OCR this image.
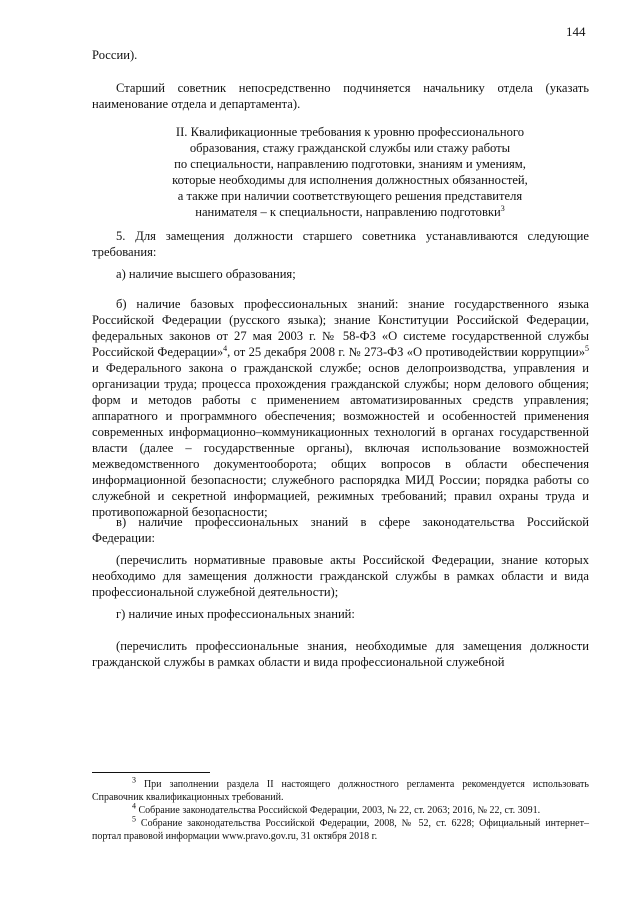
144
России).
Старший советник непосредственно подчиняется начальнику отдела (указать наименование отдела и департамента).
II. Квалификационные требования к уровню профессионального
образования, стажу гражданской службы или стажу работы
по специальности, направлению подготовки, знаниям и умениям,
которые необходимы для исполнения должностных обязанностей,
а также при наличии соответствующего решения представителя
нанимателя – к специальности, направлению подготовки$^3$
5. Для замещения должности старшего советника устанавливаются следующие требования:
а) наличие высшего образования;
б) наличие базовых профессиональных знаний: знание государственного языка Российской Федерации (русского языка); знание Конституции Российской Федерации, федеральных законов от 27 мая 2003 г. № 58-ФЗ «О системе государственной службы Российской Федерации»$^4$, от 25 декабря 2008 г. № 273-ФЗ «О противодействии коррупции»$^5$ и Федерального закона о гражданской службе; основ делопроизводства, управления и организации труда; процесса прохождения гражданской службы; норм делового общения; форм и методов работы с применением автоматизированных средств управления; аппаратного и программного обеспечения; возможностей и особенностей применения современных информационно–коммуникационных технологий в органах государственной власти (далее – государственные органы), включая использование возможностей межведомственного документооборота; общих вопросов в области обеспечения информационной безопасности; служебного распорядка МИД России; порядка работы со служебной и секретной информацией, режимных требований; правил охраны труда и противопожарной безопасности;
в) наличие профессиональных знаний в сфере законодательства Российской Федерации:
(перечислить нормативные правовые акты Российской Федерации, знание которых необходимо для замещения должности гражданской службы в рамках области и вида профессиональной служебной деятельности);
г) наличие иных профессиональных знаний:
(перечислить профессиональные знания, необходимые для замещения должности гражданской службы в рамках области и вида профессиональной служебной
$^3$ При заполнении раздела II настоящего должностного регламента рекомендуется использовать Справочник квалификационных требований.
$^4$ Собрание законодательства Российской Федерации, 2003, № 22, ст. 2063; 2016, № 22, ст. 3091.
$^5$ Собрание законодательства Российской Федерации, 2008, № 52, ст. 6228; Официальный интернет–портал правовой информации www.pravo.gov.ru, 31 октября 2018 г.
